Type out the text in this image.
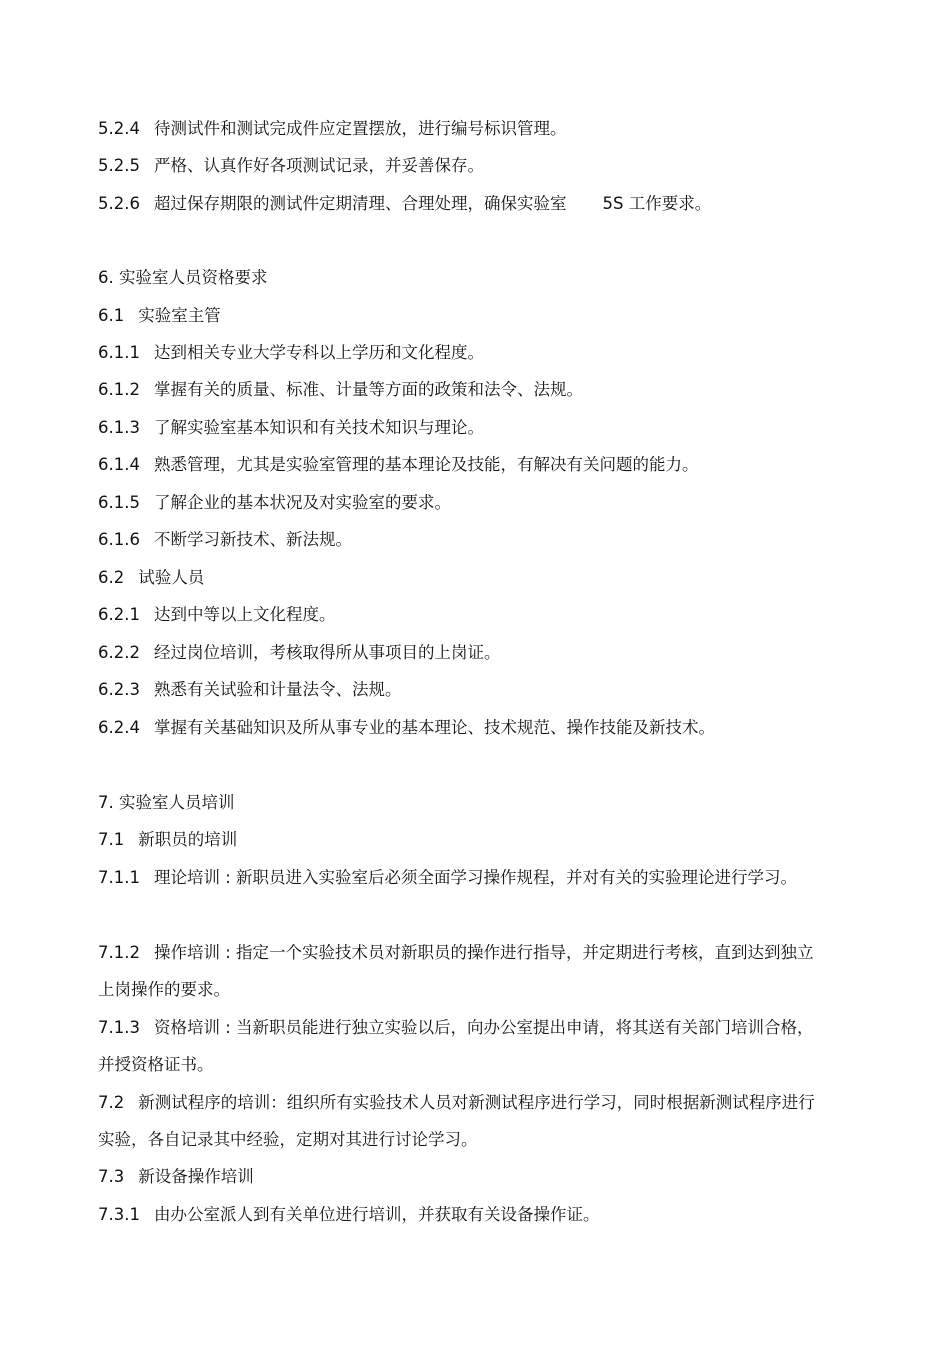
5.2.4 待测试件和测试完成件应定置摆放，进行编号标识管理。
5.2.5 严格、认真作好各项测试记录，并妥善保存。
5.2.6 超过保存期限的测试件定期清理、合理处理，确保实验室 5S 工作要求。
6. 实验室人员资格要求
6.1 实验室主管
6.1.1 达到相关专业大学专科以上学历和文化程度。
6.1.2 掌握有关的质量、标准、计量等方面的政策和法令、法规。
6.1.3 了解实验室基本知识和有关技术知识与理论。
6.1.4 熟悉管理，尤其是实验室管理的基本理论及技能，有解决有关问题的能力。
6.1.5 了解企业的基本状况及对实验室的要求。
6.1.6 不断学习新技术、新法规。
6.2 试验人员
6.2.1 达到中等以上文化程度。
6.2.2 经过岗位培训，考核取得所从事项目的上岗证。
6.2.3 熟悉有关试验和计量法令、法规。
6.2.4 掌握有关基础知识及所从事专业的基本理论、技术规范、操作技能及新技术。
7. 实验室人员培训
7.1 新职员的培训
7.1.1 理论培训 : 新职员进入实验室后必须全面学习操作规程，并对有关的实验理论进行学习。
7.1.2 操作培训 : 指定一个实验技术员对新职员的操作进行指导，并定期进行考核，直到达到独立上岗操作的要求。
7.1.3 资格培训 : 当新职员能进行独立实验以后，向办公室提出申请，将其送有关部门培训合格，并授资格证书。
7.2 新测试程序的培训：组织所有实验技术人员对新测试程序进行学习，同时根据新测试程序进行实验，各自记录其中经验，定期对其进行讨论学习。
7.3 新设备操作培训
7.3.1 由办公室派人到有关单位进行培训，并获取有关设备操作证。
